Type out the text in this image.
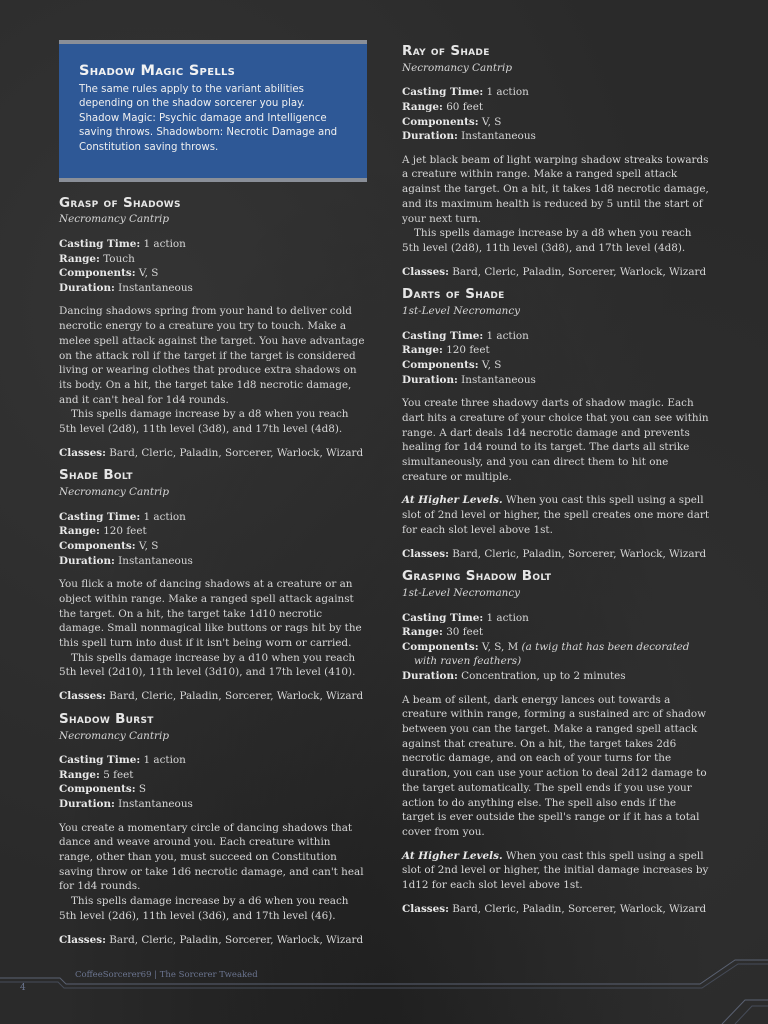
Shadow Magic Spells
The same rules apply to the variant abilities depending on the shadow sorcerer you play. Shadow Magic: Psychic damage and Intelligence saving throws. Shadowborn: Necrotic Damage and Constitution saving throws.
Grasp of Shadows
Necromancy Cantrip
Casting Time: 1 action
Range: Touch
Components: V, S
Duration: Instantaneous

Dancing shadows spring from your hand to deliver cold necrotic energy to a creature you try to touch. Make a melee spell attack against the target. You have advantage on the attack roll if the target if the target is considered living or wearing clothes that produce extra shadows on its body. On a hit, the target take 1d8 necrotic damage, and it can't heal for 1d4 rounds.

This spells damage increase by a d8 when you reach 5th level (2d8), 11th level (3d8), and 17th level (4d8).

Classes: Bard, Cleric, Paladin, Sorcerer, Warlock, Wizard
Shade Bolt
Necromancy Cantrip
Casting Time: 1 action
Range: 120 feet
Components: V, S
Duration: Instantaneous

You flick a mote of dancing shadows at a creature or an object within range. Make a ranged spell attack against the target. On a hit, the target take 1d10 necrotic damage. Small nonmagical like buttons or rags hit by the this spell turn into dust if it isn't being worn or carried.

This spells damage increase by a d10 when you reach 5th level (2d10), 11th level (3d10), and 17th level (410).

Classes: Bard, Cleric, Paladin, Sorcerer, Warlock, Wizard
Shadow Burst
Necromancy Cantrip
Casting Time: 1 action
Range: 5 feet
Components: S
Duration: Instantaneous

You create a momentary circle of dancing shadows that dance and weave around you. Each creature within range, other than you, must succeed on Constitution saving throw or take 1d6 necrotic damage, and can't heal for 1d4 rounds.

This spells damage increase by a d6 when you reach 5th level (2d6), 11th level (3d6), and 17th level (46).

Classes: Bard, Cleric, Paladin, Sorcerer, Warlock, Wizard
Ray of Shade
Necromancy Cantrip
Casting Time: 1 action
Range: 60 feet
Components: V, S
Duration: Instantaneous

A jet black beam of light warping shadow streaks towards a creature within range. Make a ranged spell attack against the target. On a hit, it takes 1d8 necrotic damage, and its maximum health is reduced by 5 until the start of your next turn.

This spells damage increase by a d8 when you reach 5th level (2d8), 11th level (3d8), and 17th level (4d8).

Classes: Bard, Cleric, Paladin, Sorcerer, Warlock, Wizard
Darts of Shade
1st-Level Necromancy
Casting Time: 1 action
Range: 120 feet
Components: V, S
Duration: Instantaneous

You create three shadowy darts of shadow magic. Each dart hits a creature of your choice that you can see within range. A dart deals 1d4 necrotic damage and prevents healing for 1d4 round to its target. The darts all strike simultaneously, and you can direct them to hit one creature or multiple.

At Higher Levels. When you cast this spell using a spell slot of 2nd level or higher, the spell creates one more dart for each slot level above 1st.
Classes: Bard, Cleric, Paladin, Sorcerer, Warlock, Wizard
Grasping Shadow Bolt
1st-Level Necromancy
Casting Time: 1 action
Range: 30 feet
Components: V, S, M (a twig that has been decorated with raven feathers)
Duration: Concentration, up to 2 minutes

A beam of silent, dark energy lances out towards a creature within range, forming a sustained arc of shadow between you can the target. Make a ranged spell attack against that creature. On a hit, the target takes 2d6 necrotic damage, and on each of your turns for the duration, you can use your action to deal 2d12 damage to the target automatically. The spell ends if you use your action to do anything else. The spell also ends if the target is ever outside the spell's range or if it has a total cover from you.

At Higher Levels. When you cast this spell using a spell slot of 2nd level or higher, the initial damage increases by 1d12 for each slot level above 1st.
Classes: Bard, Cleric, Paladin, Sorcerer, Warlock, Wizard
CoffeeSorcerer69 | The Sorcerer Tweaked
4
